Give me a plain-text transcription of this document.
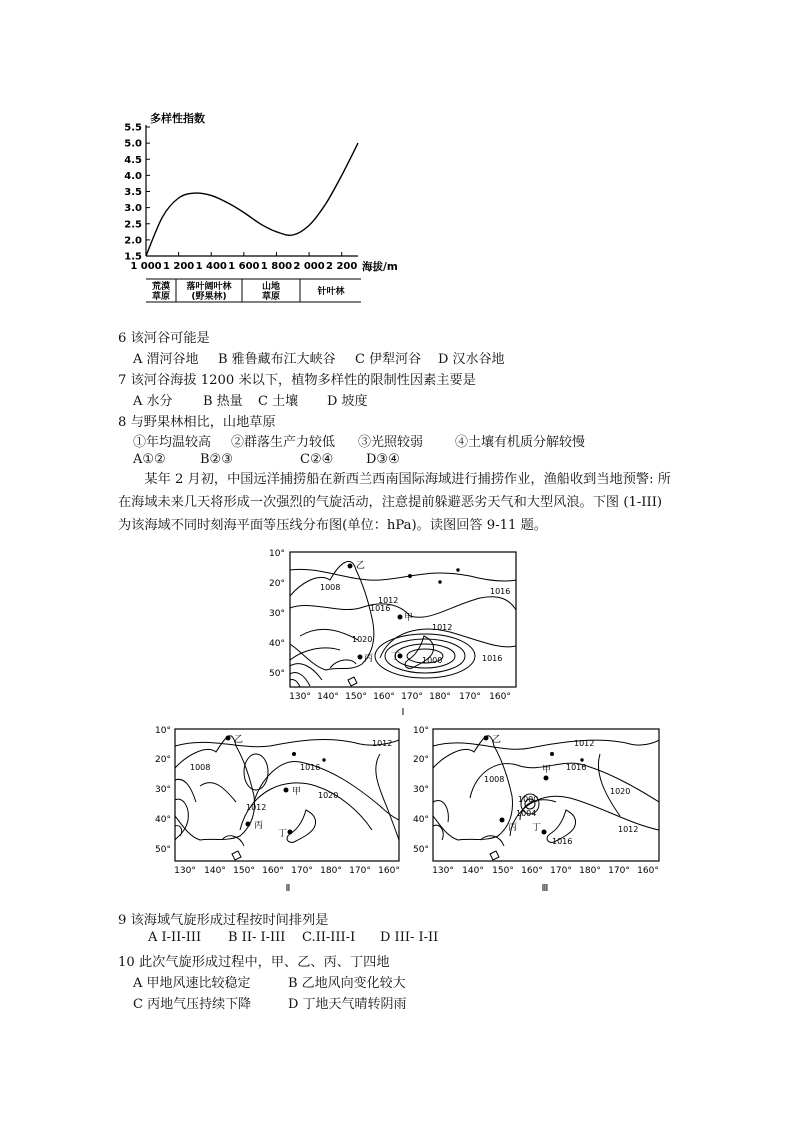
多样性指数
5.5
5.0
4.5
4.0
3.5
3.0
2.5
2.0
1.5
1 000 1 200 1 400 1 600 1 800 2 000 2 200 海拔/m
荒漠
草原
落叶阔叶林
(野果林)
山地
草原	针叶林
6 该河谷可能是
A 渭河谷地 B 雅鲁藏布江大峡谷 C 伊犁河谷 D 汉水谷地
7 该河谷海拔 1200 米以下，植物多样性的限制性因素主要是
A 水分 B 热量 C 土壤 D 坡度
8 与野果林相比，山地草原
①年均温较高 ②群落生产力较低 ③光照较弱 ④土壤有机质分解较慢
A①②	B②③	C②④	D③④
某年 2 月初，中国远洋捕捞船在新西兰西南国际海域进行捕捞作业，渔船收到当地预警: 所在海域未来几天将形成一次强烈的气旋活动，注意提前躲避恶劣天气和大型风浪。下图 (1-III) 为该海域不同时刻海平面等压线分布图(单位：hPa)。读图回答 9-11 题。
乙
甲
丙 丁
1008
1012
1016
1016
1012
1020
1016
1000
10°
20°
30°
40°
50°
130° 140° 150° 160° 170° 180° 170° 160°
I
乙
甲
丙
丁
1008
1012
1016
1020
1012
10°
20°
30°
40°
50°
130° 140° 150° 160° 170° 180° 170° 160°
Ⅱ
乙
甲
丙 丁
1012
1008
1016
1020
1000
1004
1012
1016
10°
20°
30°
40°
50°
130° 140° 150° 160° 170° 180° 170° 160°
Ⅲ
9 该海域气旋形成过程按时间排列是
A I-II-III B II- I-III C.II-III-I D III- I-II
10 此次气旋形成过程中，甲、乙、丙、丁四地
A 甲地风速比较稳定	B 乙地风向变化较大
C 丙地气压持续下降	D 丁地天气晴转阴雨
